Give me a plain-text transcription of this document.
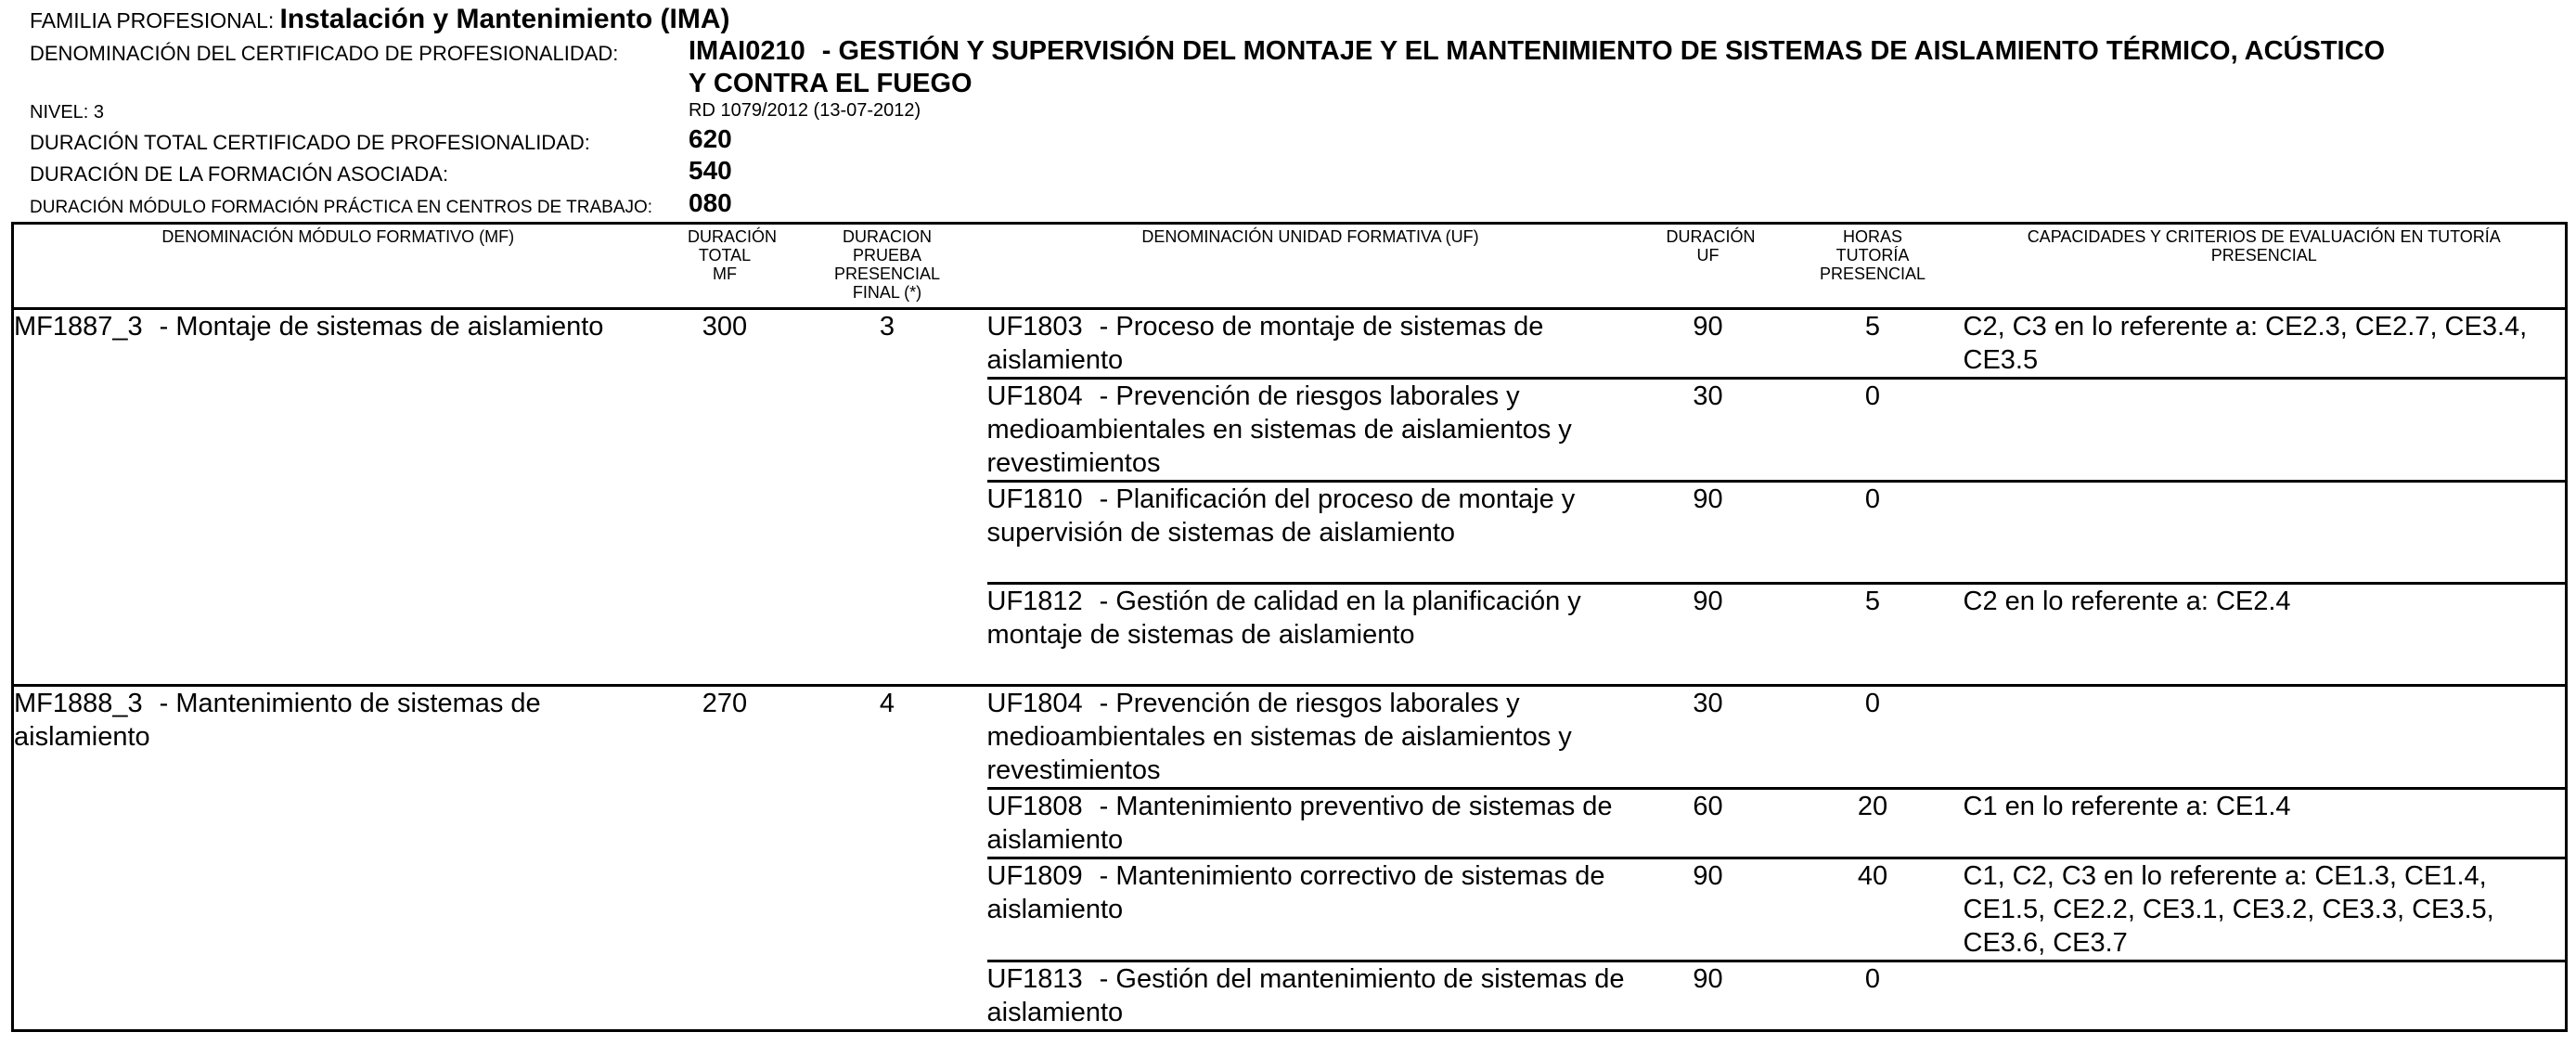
FAMILIA PROFESIONAL: Instalación y Mantenimiento (IMA)
DENOMINACIÓN DEL CERTIFICADO DE PROFESIONALIDAD:	IMAI0210 - GESTIÓN Y SUPERVISIÓN DEL MONTAJE Y EL MANTENIMIENTO DE SISTEMAS DE AISLAMIENTO TÉRMICO, ACÚSTICO
Y CONTRA EL FUEGO
NIVEL: 3	RD 1079/2012 (13-07-2012)
DURACIÓN TOTAL CERTIFICADO DE PROFESIONALIDAD:	620
DURACIÓN DE LA FORMACIÓN ASOCIADA:	540
DURACIÓN MÓDULO FORMACIÓN PRÁCTICA EN CENTROS DE TRABAJO: 080
DENOMINACIÓN MÓDULO FORMATIVO (MF)	DURACIÓN TOTAL MF	DURACION PRUEBA PRESENCIAL FINAL (*)	DENOMINACIÓN UNIDAD FORMATIVA (UF)	DURACIÓN UF	HORAS TUTORÍA PRESENCIAL	CAPACIDADES Y CRITERIOS DE EVALUACIÓN EN TUTORÍA PRESENCIAL

MF1887_3 - Montaje de sistemas de aislamiento	300	3	UF1803 - Proceso de montaje de sistemas de aislamiento	90	5	C2, C3 en lo referente a: CE2.3, CE2.7, CE3.4, CE3.5
			UF1804 - Prevención de riesgos laborales y medioambientales en sistemas de aislamientos y revestimientos	30	0	
			UF1810 - Planificación del proceso de montaje y supervisión de sistemas de aislamiento	90	0	
			UF1812 - Gestión de calidad en la planificación y montaje de sistemas de aislamiento	90	5	C2 en lo referente a: CE2.4
MF1888_3 - Mantenimiento de sistemas de aislamiento	270	4	UF1804 - Prevención de riesgos laborales y medioambientales en sistemas de aislamientos y revestimientos	30	0	
			UF1808 - Mantenimiento preventivo de sistemas de aislamiento	60	20	C1 en lo referente a: CE1.4
			UF1809 - Mantenimiento correctivo de sistemas de aislamiento	90	40	C1, C2, C3 en lo referente a: CE1.3, CE1.4, CE1.5, CE2.2, CE3.1, CE3.2, CE3.3, CE3.5, CE3.6, CE3.7
			UF1813 - Gestión del mantenimiento de sistemas de aislamiento	90	0	
